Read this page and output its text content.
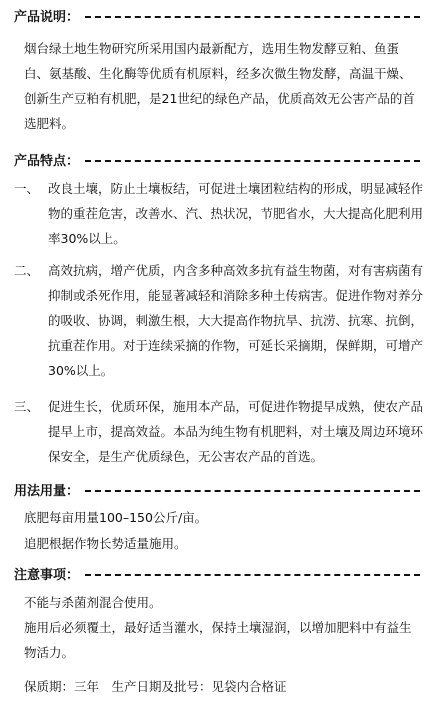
产品说明：

烟台绿土地生物研究所采用国内最新配方，选用生物发酵豆粕、鱼蛋白、氨基酸、生化酶等优质有机原料，经多次微生物发酵，高温干燥、创新生产豆粕有机肥，是21世纪的绿色产品，优质高效无公害产品的首选肥料。

产品特点：
一、 改良土壤，防止土壤板结，可促进土壤团粒结构的形成，明显减轻作物的重茬危害，改善水、汽、热状况，节肥省水，大大提高化肥利用率30%以上。
二、 高效抗病，增产优质，内含多种高效多抗有益生物菌，对有害病菌有抑制或杀死作用，能显著减轻和消除多种土传病害。促进作物对养分的吸收、协调，刺激生根，大大提高作物抗旱、抗涝、抗寒、抗倒，抗重茬作用。对于连续采摘的作物，可延长采摘期，保鲜期，可增产30%以上。
三、 促进生长，优质环保，施用本产品，可促进作物提早成熟，使农产品提早上市，提高效益。本品为纯生物有机肥料，对土壤及周边环境环保安全，是生产优质绿色，无公害农产品的首选。
用法用量：
底肥每亩用量100–150公斤/亩。
追肥根据作物长势适量施用。
注意事项：
不能与杀菌剂混合使用。
施用后必须覆土，最好适当灌水，保持土壤湿润，以增加肥料中有益生物活力。
保质期：三年　生产日期及批号：见袋内合格证
